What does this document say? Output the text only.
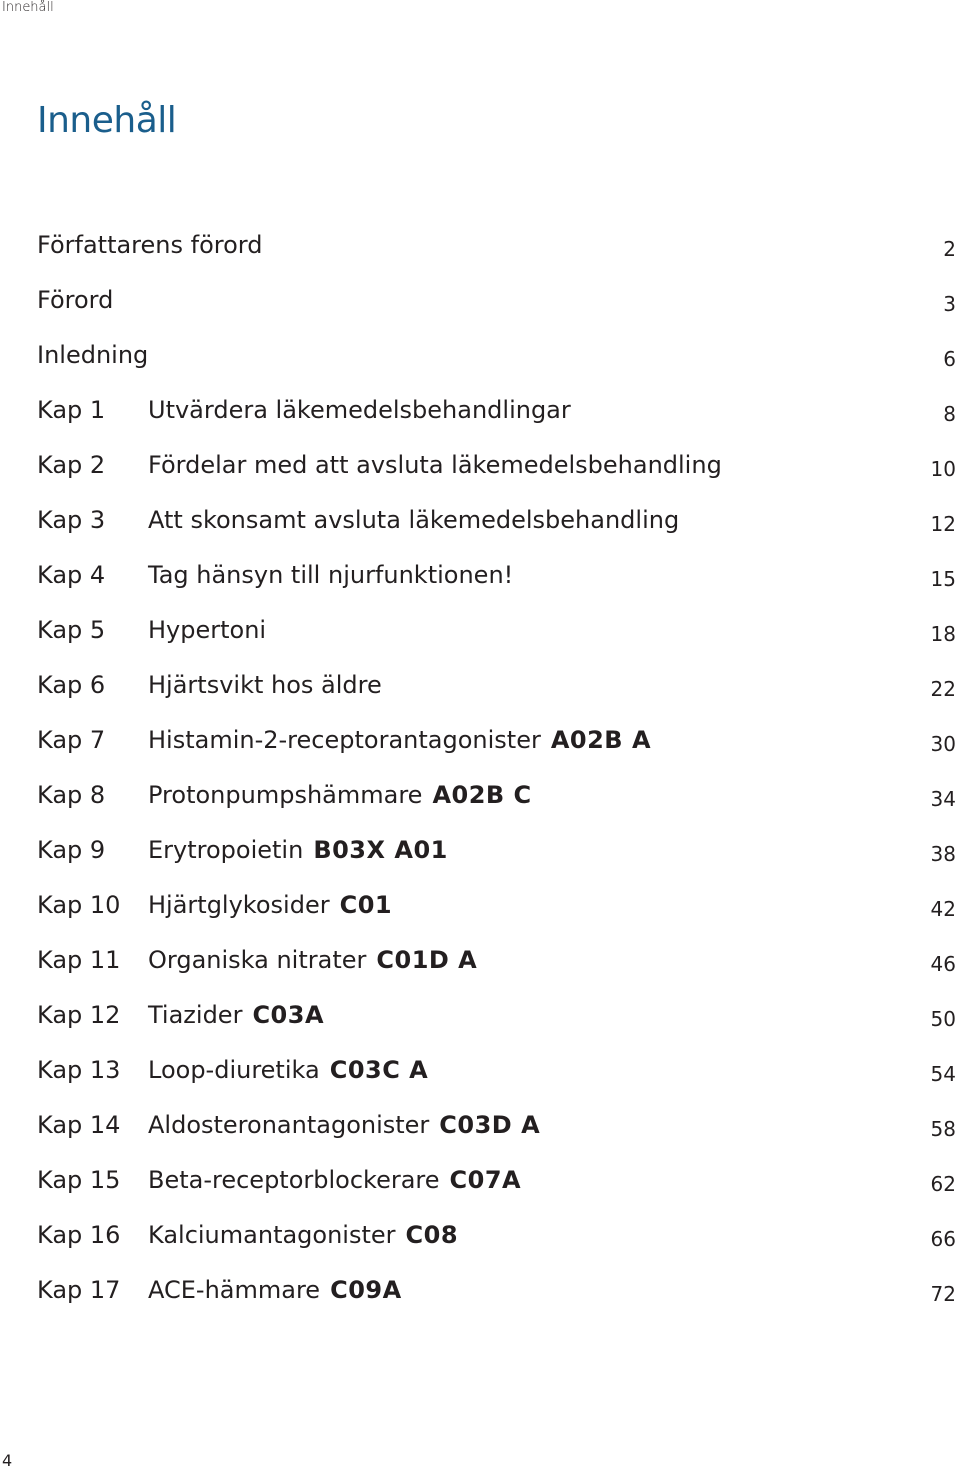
Innehåll
Innehåll
Författarens förord	2
Förord	3
Inledning	6
Kap 1	Utvärdera läkemedelsbehandlingar	8
Kap 2	Fördelar med att avsluta läkemedelsbehandling	10
Kap 3	Att skonsamt avsluta läkemedelsbehandling	12
Kap 4	Tag hänsyn till njurfunktionen!	15
Kap 5	Hypertoni	18
Kap 6	Hjärtsvikt hos äldre	22
Kap 7	Histamin-2-receptorantagonister A02B A	30
Kap 8	Protonpumpshämmare A02B C	34
Kap 9	Erytropoietin B03X A01	38
Kap 10	Hjärtglykosider C01	42
Kap 11	Organiska nitrater C01D A	46
Kap 12	Tiazider C03A	50
Kap 13	Loop-diuretika C03C A	54
Kap 14	Aldosteronantagonister C03D A	58
Kap 15	Beta-receptorblockerare C07A	62
Kap 16	Kalciumantagonister C08	66
Kap 17	ACE-hämmare C09A	72
4
